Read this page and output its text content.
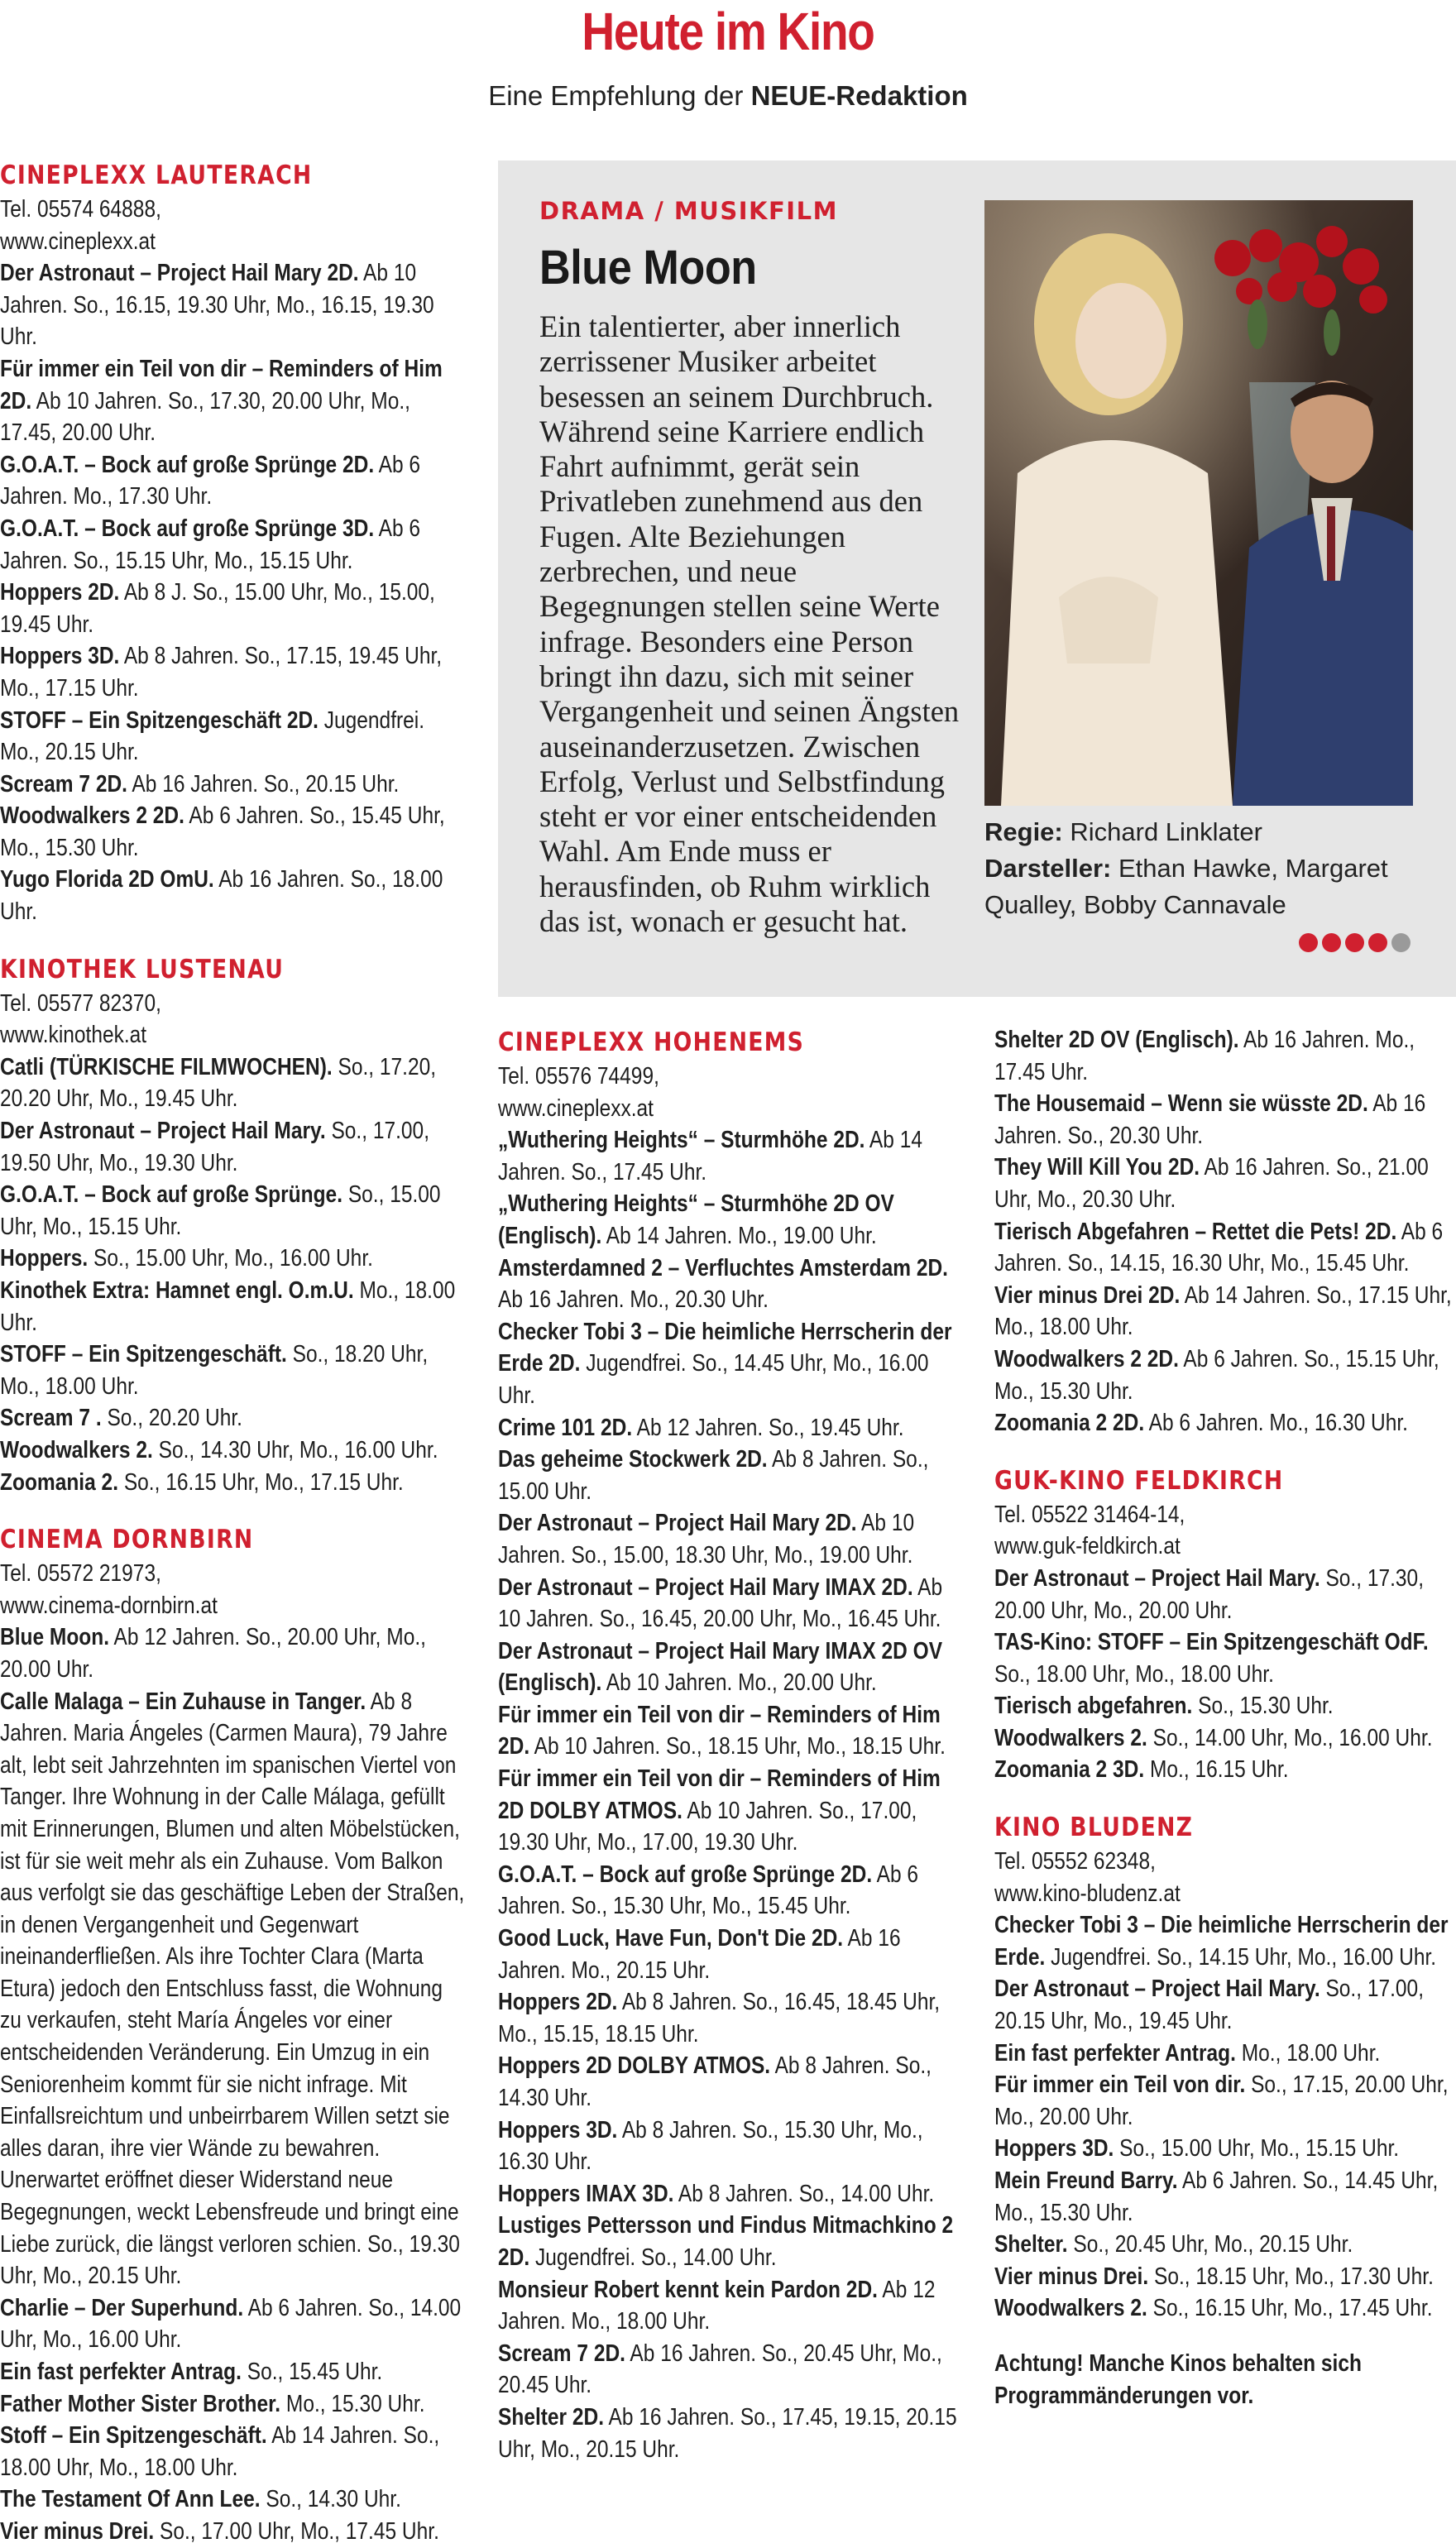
Heute im Kino
Eine Empfehlung der NEUE-Redaktion
CINEPLEXX LAUTERACH
Tel. 05574 64888,
www.cineplexx.at
Der Astronaut – Project Hail Mary 2D. Ab 10 Jahren. So., 16.15, 19.30 Uhr, Mo., 16.15, 19.30 Uhr.
Für immer ein Teil von dir – Reminders of Him 2D. Ab 10 Jahren. So., 17.30, 20.00 Uhr, Mo., 17.45, 20.00 Uhr.
G.O.A.T. – Bock auf große Sprünge 2D. Ab 6 Jahren. Mo., 17.30 Uhr.
G.O.A.T. – Bock auf große Sprünge 3D. Ab 6 Jahren. So., 15.15 Uhr, Mo., 15.15 Uhr.
Hoppers 2D. Ab 8 J. So., 15.00 Uhr, Mo., 15.00, 19.45 Uhr.
Hoppers 3D. Ab 8 Jahren. So., 17.15, 19.45 Uhr, Mo., 17.15 Uhr.
STOFF – Ein Spitzengeschäft 2D. Jugendfrei. Mo., 20.15 Uhr.
Scream 7 2D. Ab 16 Jahren. So., 20.15 Uhr.
Woodwalkers 2 2D. Ab 6 Jahren. So., 15.45 Uhr, Mo., 15.30 Uhr.
Yugo Florida 2D OmU. Ab 16 Jahren. So., 18.00 Uhr.
KINOTHEK LUSTENAU
Tel. 05577 82370,
www.kinothek.at
Catli (TÜRKISCHE FILMWOCHEN). So., 17.20, 20.20 Uhr, Mo., 19.45 Uhr.
Der Astronaut – Project Hail Mary. So., 17.00, 19.50 Uhr, Mo., 19.30 Uhr.
G.O.A.T. – Bock auf große Sprünge. So., 15.00 Uhr, Mo., 15.15 Uhr.
Hoppers. So., 15.00 Uhr, Mo., 16.00 Uhr.
Kinothek Extra: Hamnet engl. O.m.U. Mo., 18.00 Uhr.
STOFF – Ein Spitzengeschäft. So., 18.20 Uhr, Mo., 18.00 Uhr.
Scream 7 . So., 20.20 Uhr.
Woodwalkers 2. So., 14.30 Uhr, Mo., 16.00 Uhr.
Zoomania 2. So., 16.15 Uhr, Mo., 17.15 Uhr.
CINEMA DORNBIRN
Tel. 05572 21973,
www.cinema-dornbirn.at
Blue Moon. Ab 12 Jahren. So., 20.00 Uhr, Mo., 20.00 Uhr.
Calle Malaga – Ein Zuhause in Tanger. Ab 8 Jahren. Maria Ángeles (Carmen Maura), 79 Jahre alt, lebt seit Jahrzehnten im spanischen Viertel von Tanger. Ihre Wohnung in der Calle Málaga, gefüllt mit Erinnerungen, Blumen und alten Möbelstücken, ist für sie weit mehr als ein Zuhause. Vom Balkon aus verfolgt sie das geschäftige Leben der Straßen, in denen Vergangenheit und Gegenwart ineinanderfließen. Als ihre Tochter Clara (Marta Etura) jedoch den Entschluss fasst, die Wohnung zu verkaufen, steht María Ángeles vor einer entscheidenden Veränderung. Ein Umzug in ein Seniorenheim kommt für sie nicht infrage. Mit Einfallsreichtum und unbeirrbarem Willen setzt sie alles daran, ihre vier Wände zu bewahren. Unerwartet eröffnet dieser Widerstand neue Begegnungen, weckt Lebensfreude und bringt eine Liebe zurück, die längst verloren schien. So., 19.30 Uhr, Mo., 20.15 Uhr.
Charlie – Der Superhund. Ab 6 Jahren. So., 14.00 Uhr, Mo., 16.00 Uhr.
Ein fast perfekter Antrag. So., 15.45 Uhr.
Father Mother Sister Brother. Mo., 15.30 Uhr.
Stoff – Ein Spitzengeschäft. Ab 14 Jahren. So., 18.00 Uhr, Mo., 18.00 Uhr.
The Testament Of Ann Lee. So., 14.30 Uhr.
Vier minus Drei. So., 17.00 Uhr, Mo., 17.45 Uhr.
DRAMA / MUSIKFILM
Blue Moon
Ein talentierter, aber innerlich zerrissener Musiker arbeitet besessen an seinem Durchbruch. Während seine Karriere endlich Fahrt aufnimmt, gerät sein Privatleben zunehmend aus den Fugen. Alte Beziehungen zerbrechen, und neue Begegnungen stellen seine Werte infrage. Besonders eine Person bringt ihn dazu, sich mit seiner Vergangenheit und seinen Ängsten auseinanderzusetzen. Zwischen Erfolg, Verlust und Selbstfindung steht er vor einer entscheidenden Wahl. Am Ende muss er herausfinden, ob Ruhm wirklich das ist, wonach er gesucht hat.
Regie: Richard Linklater
Darsteller: Ethan Hawke, Margaret Qualley, Bobby Cannavale
CINEPLEXX HOHENEMS
Tel. 05576 74499,
www.cineplexx.at
„Wuthering Heights“ – Sturmhöhe 2D. Ab 14 Jahren. So., 17.45 Uhr.
„Wuthering Heights“ – Sturmhöhe 2D OV (Englisch). Ab 14 Jahren. Mo., 19.00 Uhr.
Amsterdamned 2 – Verfluchtes Amsterdam 2D. Ab 16 Jahren. Mo., 20.30 Uhr.
Checker Tobi 3 – Die heimliche Herrscherin der Erde 2D. Jugendfrei. So., 14.45 Uhr, Mo., 16.00 Uhr.
Crime 101 2D. Ab 12 Jahren. So., 19.45 Uhr.
Das geheime Stockwerk 2D. Ab 8 Jahren. So., 15.00 Uhr.
Der Astronaut – Project Hail Mary 2D. Ab 10 Jahren. So., 15.00, 18.30 Uhr, Mo., 19.00 Uhr.
Der Astronaut – Project Hail Mary IMAX 2D. Ab 10 Jahren. So., 16.45, 20.00 Uhr, Mo., 16.45 Uhr.
Der Astronaut – Project Hail Mary IMAX 2D OV (Englisch). Ab 10 Jahren. Mo., 20.00 Uhr.
Für immer ein Teil von dir – Reminders of Him 2D. Ab 10 Jahren. So., 18.15 Uhr, Mo., 18.15 Uhr.
Für immer ein Teil von dir – Reminders of Him 2D DOLBY ATMOS. Ab 10 Jahren. So., 17.00, 19.30 Uhr, Mo., 17.00, 19.30 Uhr.
G.O.A.T. – Bock auf große Sprünge 2D. Ab 6 Jahren. So., 15.30 Uhr, Mo., 15.45 Uhr.
Good Luck, Have Fun, Don't Die 2D. Ab 16 Jahren. Mo., 20.15 Uhr.
Hoppers 2D. Ab 8 Jahren. So., 16.45, 18.45 Uhr, Mo., 15.15, 18.15 Uhr.
Hoppers 2D DOLBY ATMOS. Ab 8 Jahren. So., 14.30 Uhr.
Hoppers 3D. Ab 8 Jahren. So., 15.30 Uhr, Mo., 16.30 Uhr.
Hoppers IMAX 3D. Ab 8 Jahren. So., 14.00 Uhr.
Lustiges Pettersson und Findus Mitmachkino 2 2D. Jugendfrei. So., 14.00 Uhr.
Monsieur Robert kennt kein Pardon 2D. Ab 12 Jahren. Mo., 18.00 Uhr.
Scream 7 2D. Ab 16 Jahren. So., 20.45 Uhr, Mo., 20.45 Uhr.
Shelter 2D. Ab 16 Jahren. So., 17.45, 19.15, 20.15 Uhr, Mo., 20.15 Uhr.
Shelter 2D OV (Englisch). Ab 16 Jahren. Mo., 17.45 Uhr.
The Housemaid – Wenn sie wüsste 2D. Ab 16 Jahren. So., 20.30 Uhr.
They Will Kill You 2D. Ab 16 Jahren. So., 21.00 Uhr, Mo., 20.30 Uhr.
Tierisch Abgefahren – Rettet die Pets! 2D. Ab 6 Jahren. So., 14.15, 16.30 Uhr, Mo., 15.45 Uhr.
Vier minus Drei 2D. Ab 14 Jahren. So., 17.15 Uhr, Mo., 18.00 Uhr.
Woodwalkers 2 2D. Ab 6 Jahren. So., 15.15 Uhr, Mo., 15.30 Uhr.
Zoomania 2 2D. Ab 6 Jahren. Mo., 16.30 Uhr.
GUK-KINO FELDKIRCH
Tel. 05522 31464-14,
www.guk-feldkirch.at
Der Astronaut – Project Hail Mary. So., 17.30, 20.00 Uhr, Mo., 20.00 Uhr.
TAS-Kino: STOFF – Ein Spitzengeschäft OdF. So., 18.00 Uhr, Mo., 18.00 Uhr.
Tierisch abgefahren. So., 15.30 Uhr.
Woodwalkers 2. So., 14.00 Uhr, Mo., 16.00 Uhr.
Zoomania 2 3D. Mo., 16.15 Uhr.
KINO BLUDENZ
Tel. 05552 62348,
www.kino-bludenz.at
Checker Tobi 3 – Die heimliche Herrscherin der Erde. Jugendfrei. So., 14.15 Uhr, Mo., 16.00 Uhr.
Der Astronaut – Project Hail Mary. So., 17.00, 20.15 Uhr, Mo., 19.45 Uhr.
Ein fast perfekter Antrag. Mo., 18.00 Uhr.
Für immer ein Teil von dir. So., 17.15, 20.00 Uhr, Mo., 20.00 Uhr.
Hoppers 3D. So., 15.00 Uhr, Mo., 15.15 Uhr.
Mein Freund Barry. Ab 6 Jahren. So., 14.45 Uhr, Mo., 15.30 Uhr.
Shelter. So., 20.45 Uhr, Mo., 20.15 Uhr.
Vier minus Drei. So., 18.15 Uhr, Mo., 17.30 Uhr.
Woodwalkers 2. So., 16.15 Uhr, Mo., 17.45 Uhr.
Achtung! Manche Kinos behalten sich Programmänderungen vor.
